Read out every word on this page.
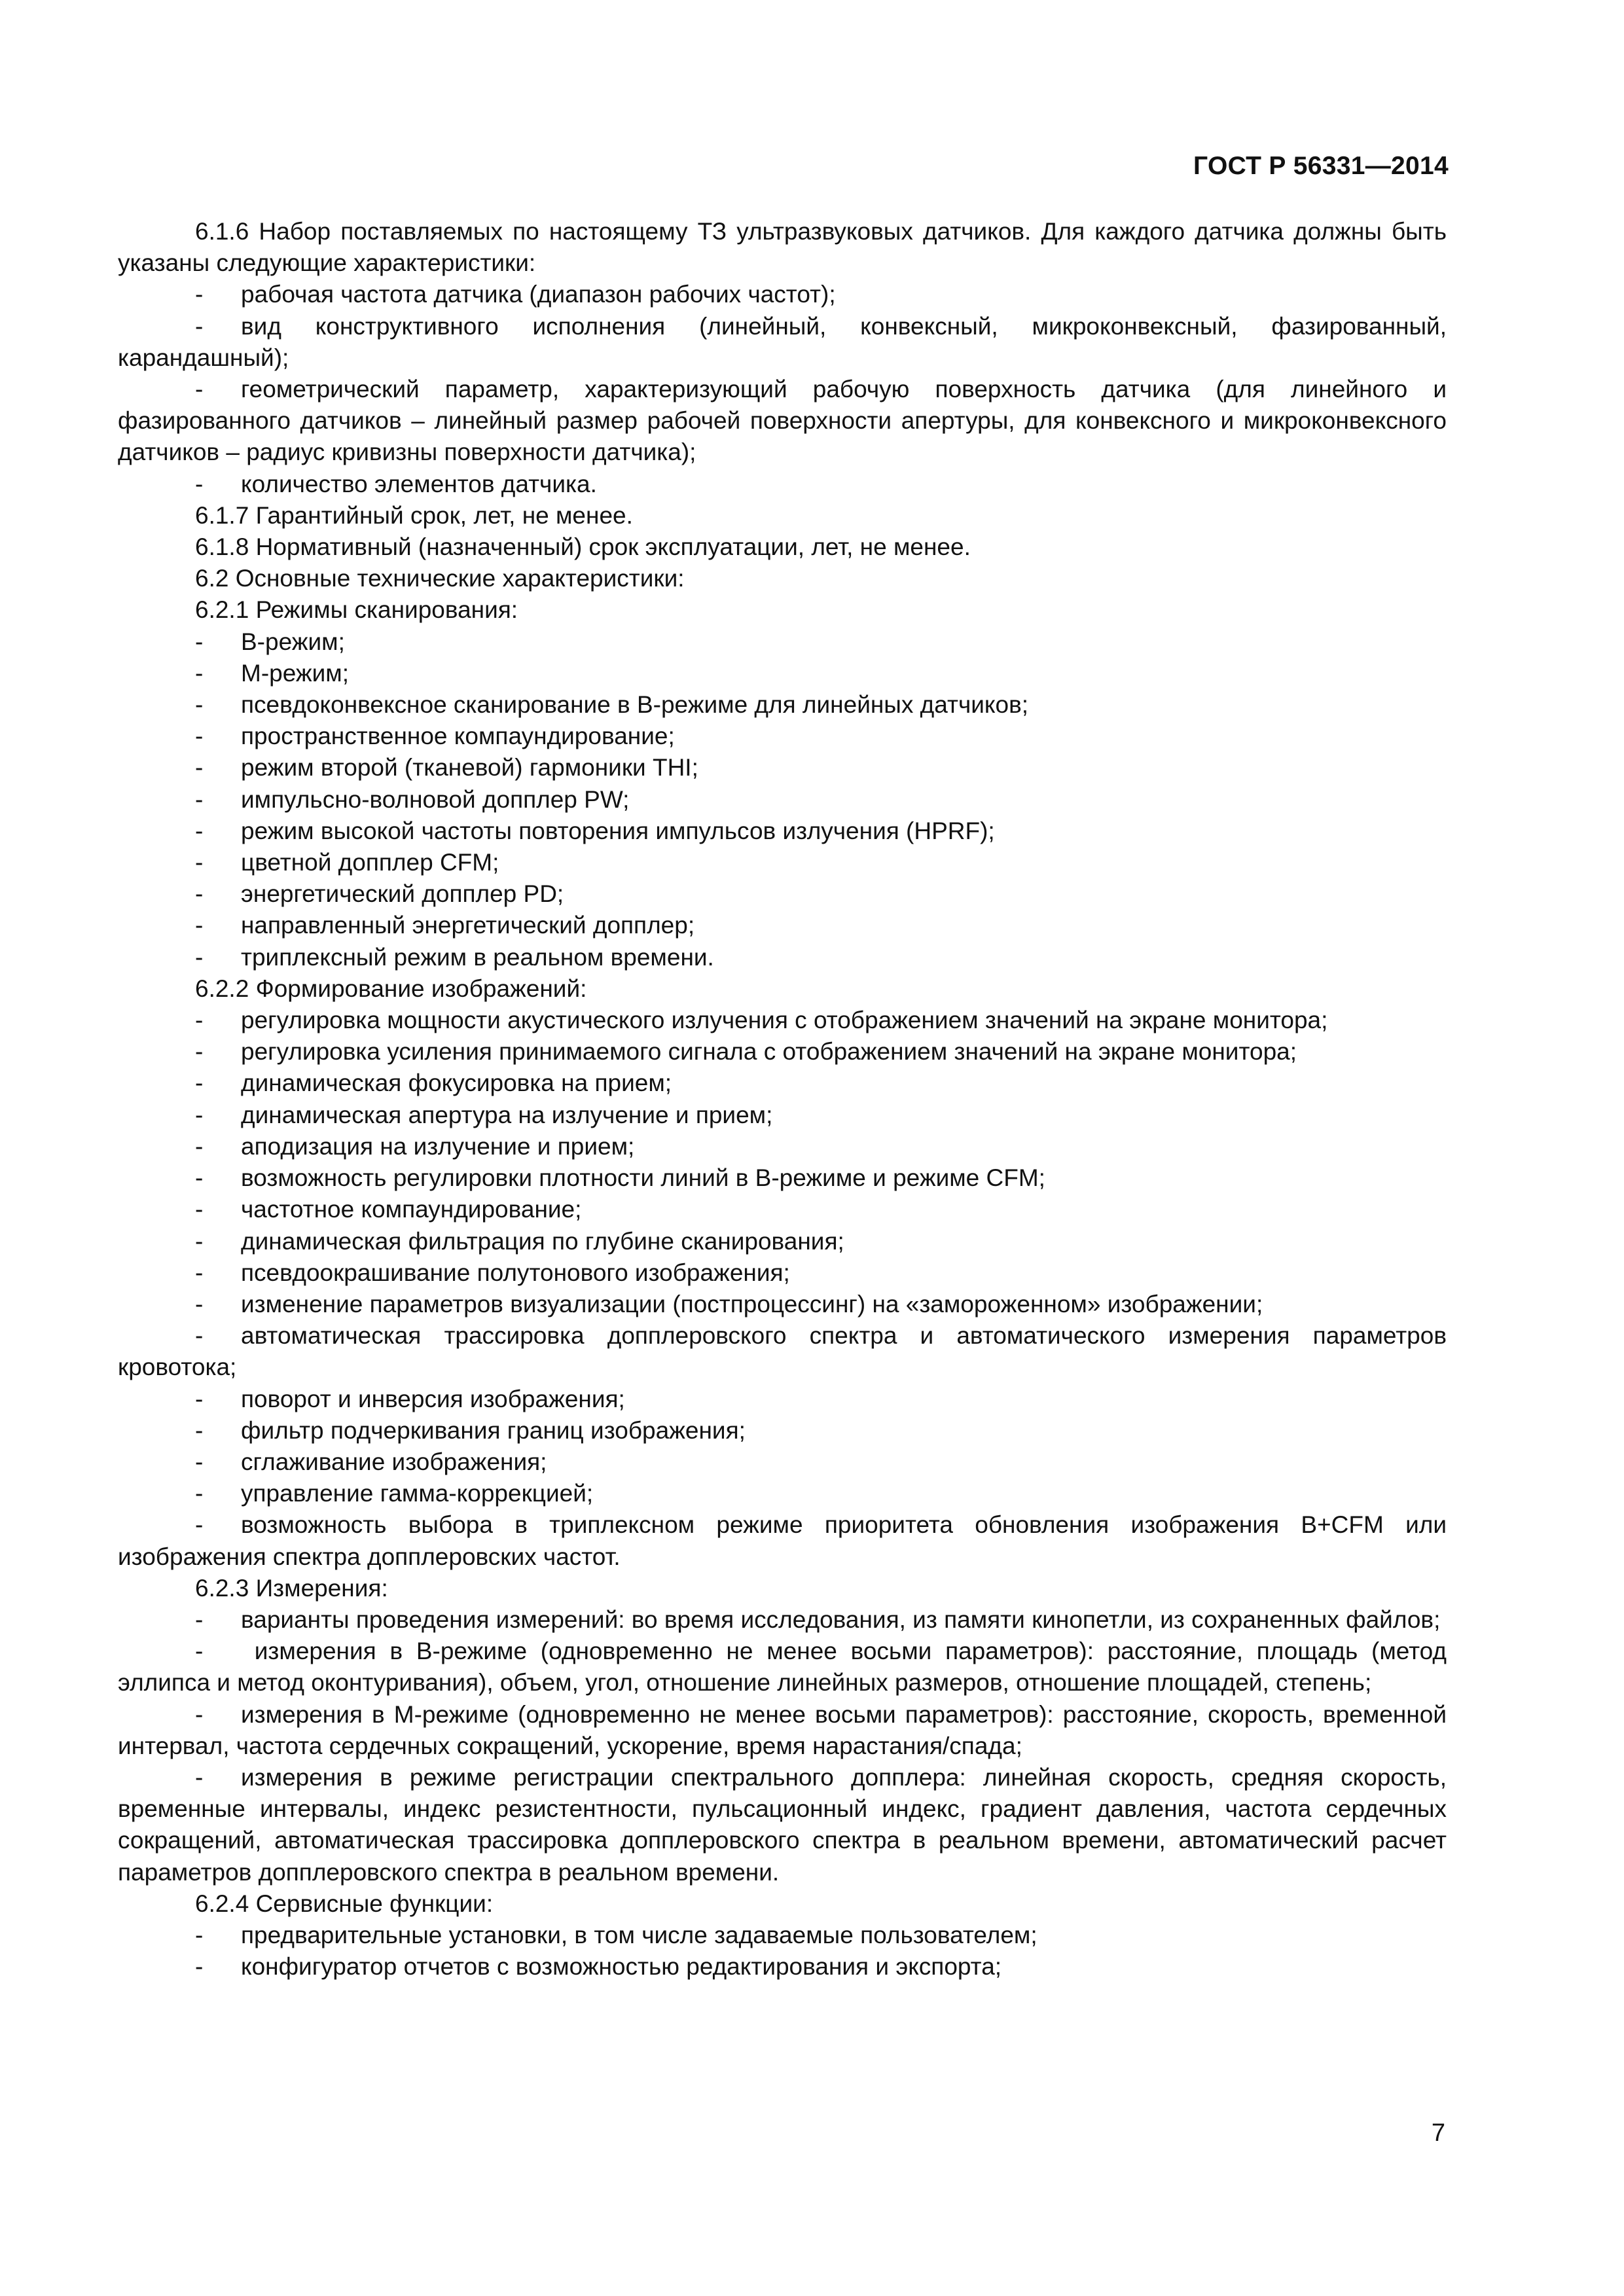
ГОСТ Р 56331—2014
6.1.6 Набор поставляемых по настоящему ТЗ ультразвуковых датчиков. Для каждого датчика должны быть указаны следующие характеристики:
- рабочая частота датчика (диапазон рабочих частот);
- вид конструктивного исполнения (линейный, конвексный, микроконвексный, фазированный, карандашный);
- геометрический параметр, характеризующий рабочую поверхность датчика (для линейного и фазированного датчиков – линейный размер рабочей поверхности апертуры, для конвексного и микроконвексного датчиков – радиус кривизны поверхности датчика);
- количество элементов датчика.
6.1.7 Гарантийный срок, лет, не менее.
6.1.8 Нормативный (назначенный) срок эксплуатации, лет, не менее.
6.2 Основные технические характеристики:
6.2.1 Режимы сканирования:
- В-режим;
- М-режим;
- псевдоконвексное сканирование в В-режиме для линейных датчиков;
- пространственное компаундирование;
- режим второй (тканевой) гармоники THI;
- импульсно-волновой допплер PW;
- режим высокой частоты повторения импульсов излучения (HPRF);
- цветной допплер CFM;
- энергетический допплер PD;
- направленный энергетический допплер;
- триплексный режим в реальном времени.
6.2.2 Формирование изображений:
- регулировка мощности акустического излучения с отображением значений на экране монитора;
- регулировка усиления принимаемого сигнала с отображением значений на экране монитора;
- динамическая фокусировка на прием;
- динамическая апертура на излучение и прием;
- аподизация на излучение и прием;
- возможность регулировки плотности линий в В-режиме и режиме CFM;
- частотное компаундирование;
- динамическая фильтрация по глубине сканирования;
- псевдоокрашивание полутонового изображения;
- изменение параметров визуализации (постпроцессинг) на «замороженном» изображении;
- автоматическая трассировка допплеровского спектра и автоматического измерения параметров кровотока;
- поворот и инверсия изображения;
- фильтр подчеркивания границ изображения;
- сглаживание изображения;
- управление гамма-коррекцией;
- возможность выбора в триплексном режиме приоритета обновления изображения В+CFM или изображения спектра допплеровских частот.
6.2.3 Измерения:
- варианты проведения измерений: во время исследования, из памяти кинопетли, из сохраненных файлов;
- измерения в В-режиме (одновременно не менее восьми параметров): расстояние, площадь (метод эллипса и метод оконтуривания), объем, угол, отношение линейных размеров, отношение площадей, степень;
- измерения в М-режиме (одновременно не менее восьми параметров): расстояние, скорость, временной интервал, частота сердечных сокращений, ускорение, время нарастания/спада;
- измерения в режиме регистрации спектрального допплера: линейная скорость, средняя скорость, временные интервалы, индекс резистентности, пульсационный индекс, градиент давления, частота сердечных сокращений, автоматическая трассировка допплеровского спектра в реальном времени, автоматический расчет параметров допплеровского спектра в реальном времени.
6.2.4 Сервисные функции:
- предварительные установки, в том числе задаваемые пользователем;
- конфигуратор отчетов с возможностью редактирования и экспорта;
7
